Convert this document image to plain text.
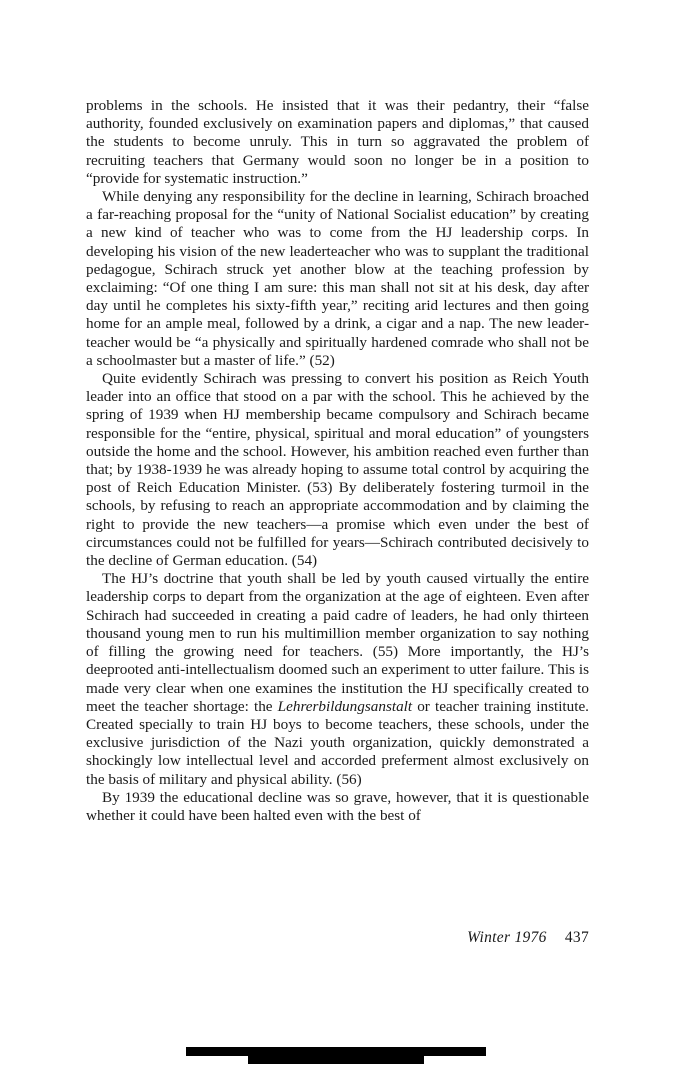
problems in the schools. He insisted that it was their pedantry, their “false authority, founded exclusively on examination papers and diplomas,” that caused the students to become unruly. This in turn so aggravated the problem of recruiting teachers that Germany would soon no longer be in a position to “provide for systematic instruction.”

While denying any responsibility for the decline in learning, Schirach broached a far-reaching proposal for the “unity of National Socialist education” by creating a new kind of teacher who was to come from the HJ leadership corps. In developing his vision of the new leaderteacher who was to supplant the traditional pedagogue, Schirach struck yet another blow at the teaching profession by exclaiming: “Of one thing I am sure: this man shall not sit at his desk, day after day until he completes his sixty-fifth year,” reciting arid lectures and then going home for an ample meal, followed by a drink, a cigar and a nap. The new leader-teacher would be “a physically and spiritually hardened comrade who shall not be a schoolmaster but a master of life.” (52)

Quite evidently Schirach was pressing to convert his position as Reich Youth leader into an office that stood on a par with the school. This he achieved by the spring of 1939 when HJ membership became compulsory and Schirach became responsible for the “entire, physical, spiritual and moral education” of youngsters outside the home and the school. However, his ambition reached even further than that; by 1938-1939 he was already hoping to assume total control by acquiring the post of Reich Education Minister. (53) By deliberately fostering turmoil in the schools, by refusing to reach an appropriate accommodation and by claiming the right to provide the new teachers—a promise which even under the best of circumstances could not be fulfilled for years—Schirach contributed decisively to the decline of German education. (54)

The HJ’s doctrine that youth shall be led by youth caused virtually the entire leadership corps to depart from the organization at the age of eighteen. Even after Schirach had succeeded in creating a paid cadre of leaders, he had only thirteen thousand young men to run his multimillion member organization to say nothing of filling the growing need for teachers. (55) More importantly, the HJ’s deeprooted anti-intellectualism doomed such an experiment to utter failure. This is made very clear when one examines the institution the HJ specifically created to meet the teacher shortage: the Lehrerbildungsanstalt or teacher training institute. Created specially to train HJ boys to become teachers, these schools, under the exclusive jurisdiction of the Nazi youth organization, quickly demonstrated a shockingly low intellectual level and accorded preferment almost exclusively on the basis of military and physical ability. (56)

By 1939 the educational decline was so grave, however, that it is questionable whether it could have been halted even with the best of

Winter 1976 437
